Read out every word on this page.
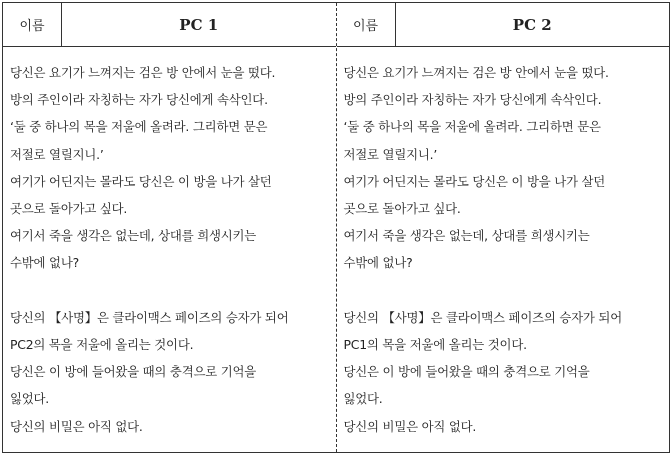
이름	PC 1
당신은 요기가 느껴지는 검은 방 안에서 눈을 떴다.
방의 주인이라 자칭하는 자가 당신에게 속삭인다.
‘둘 중 하나의 목을 저울에 올려라. 그리하면 문은
저절로 열릴지니.’
여기가 어딘지는 몰라도 당신은 이 방을 나가 살던
곳으로 돌아가고 싶다.
여기서 죽을 생각은 없는데, 상대를 희생시키는
수밖에 없나?
당신의 【사명】은 클라이맥스 페이즈의 승자가 되어
PC2의 목을 저울에 올리는 것이다.
당신은 이 방에 들어왔을 때의 충격으로 기억을
잃었다.
당신의 비밀은 아직 없다.
이름	PC 2
당신은 요기가 느껴지는 검은 방 안에서 눈을 떴다.
방의 주인이라 자칭하는 자가 당신에게 속삭인다.
‘둘 중 하나의 목을 저울에 올려라. 그리하면 문은
저절로 열릴지니.’
여기가 어딘지는 몰라도 당신은 이 방을 나가 살던
곳으로 돌아가고 싶다.
여기서 죽을 생각은 없는데, 상대를 희생시키는
수밖에 없나?
당신의 【사명】은 클라이맥스 페이즈의 승자가 되어
PC1의 목을 저울에 올리는 것이다.
당신은 이 방에 들어왔을 때의 충격으로 기억을
잃었다.
당신의 비밀은 아직 없다.
